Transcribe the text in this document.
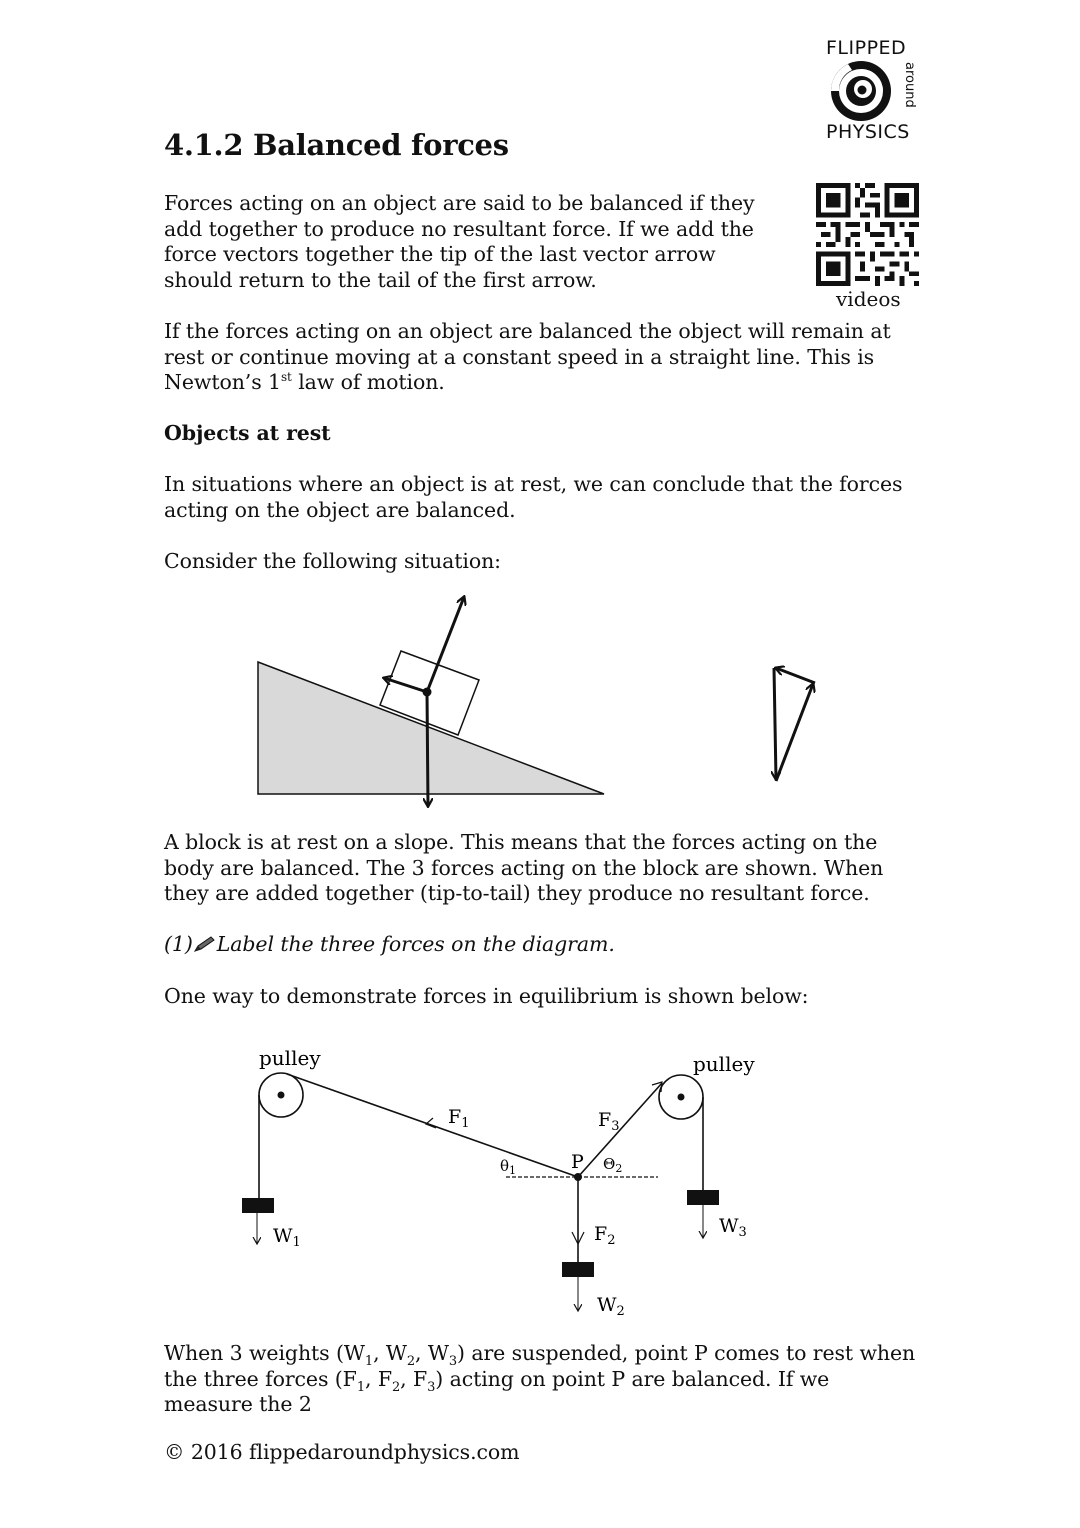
FLIPPED
around
PHYSICS
videos
4.1.2 Balanced forces
Forces acting on an object are said to be balanced if they add together to produce no resultant force. If we add the force vectors together the tip of the last vector arrow should return to the tail of the first arrow.
If the forces acting on an object are balanced the object will remain at rest or continue moving at a constant speed in a straight line. This is Newton’s 1st law of motion.
Objects at rest
In situations where an object is at rest, we can conclude that the forces acting on the object are balanced.
Consider the following situation:
A block is at rest on a slope. This means that the forces acting on the body are balanced. The 3 forces acting on the block are shown. When they are added together (tip-to-tail) they produce no resultant force.
(1) Label the three forces on the diagram.
One way to demonstrate forces in equilibrium is shown below:
pulley	pulley
$F_1$	$F_3$
$F_2$
P
$\theta_1$	$\Theta_2$
$W_1$
$W_3$
$W_2$
When 3 weights ($W_1$, $W_2$, $W_3$) are suspended, point P comes to rest when the three forces ($F_1$, $F_2$, $F_3$) acting on point P are balanced. If we measure the 2
© 2016 flippedaroundphysics.com
